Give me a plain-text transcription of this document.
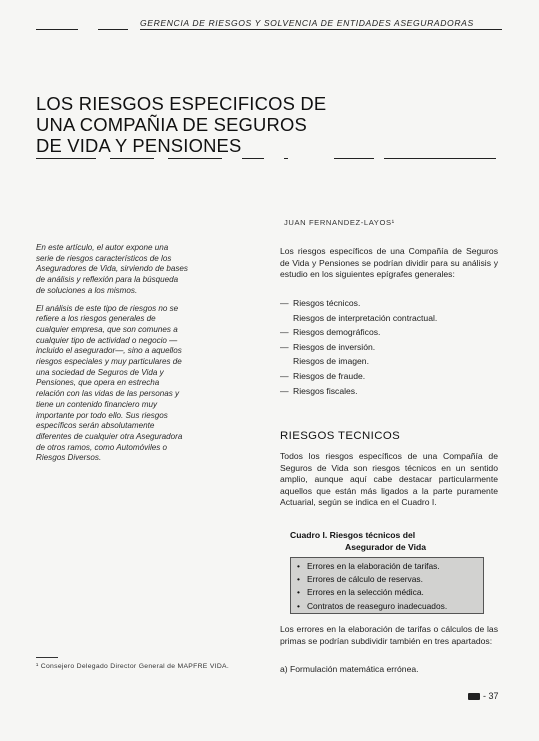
GERENCIA DE RIESGOS Y SOLVENCIA DE ENTIDADES ASEGURADORAS
LOS RIESGOS ESPECIFICOS DE
UNA COMPAÑIA DE SEGUROS
DE VIDA Y PENSIONES
JUAN FERNANDEZ-LAYOS¹

En este artículo, el autor expone una serie de riesgos característicos de los Aseguradores de Vida, sirviendo de bases de análisis y reflexión para la búsqueda de soluciones a los mismos.

El análisis de este tipo de riesgos no se refiere a los riesgos generales de cualquier empresa, que son comunes a cualquier tipo de actividad o negocio —incluido el asegurador—, sino a aquellos riesgos especiales y muy particulares de una sociedad de Seguros de Vida y Pensiones, que opera en estrecha relación con las vidas de las personas y tiene un contenido financiero muy importante por todo ello. Sus riesgos específicos serán absolutamente diferentes de cualquier otra Aseguradora de otros ramos, como Automóviles o Riesgos Diversos.

Los riesgos específicos de una Compañía de Seguros de Vida y Pensiones se podrían dividir para su análisis y estudio en los siguientes epígrafes generales:

— Riesgos técnicos.
Riesgos de interpretación contractual.
— Riesgos demográficos.
— Riesgos de inversión.
Riesgos de imagen.
— Riesgos de fraude.
— Riesgos fiscales.
RIESGOS TECNICOS

Todos los riesgos específicos de una Compañía de Seguros de Vida son riesgos técnicos en un sentido amplio, aunque aquí cabe destacar particularmente aquellos que están más ligados a la parte puramente Actuarial, según se indica en el Cuadro I.

Cuadro I. Riesgos técnicos del
Asegurador de Vida
• Errores en la elaboración de tarifas.
• Errores de cálculo de reservas.
• Errores en la selección médica.
• Contratos de reaseguro inadecuados.

Los errores en la elaboración de tarifas o cálculos de las primas se podrían subdividir también en tres apartados:

a) Formulación matemática errónea.

¹ Consejero Delegado Director General de MAPFRE VIDA.
- 37
